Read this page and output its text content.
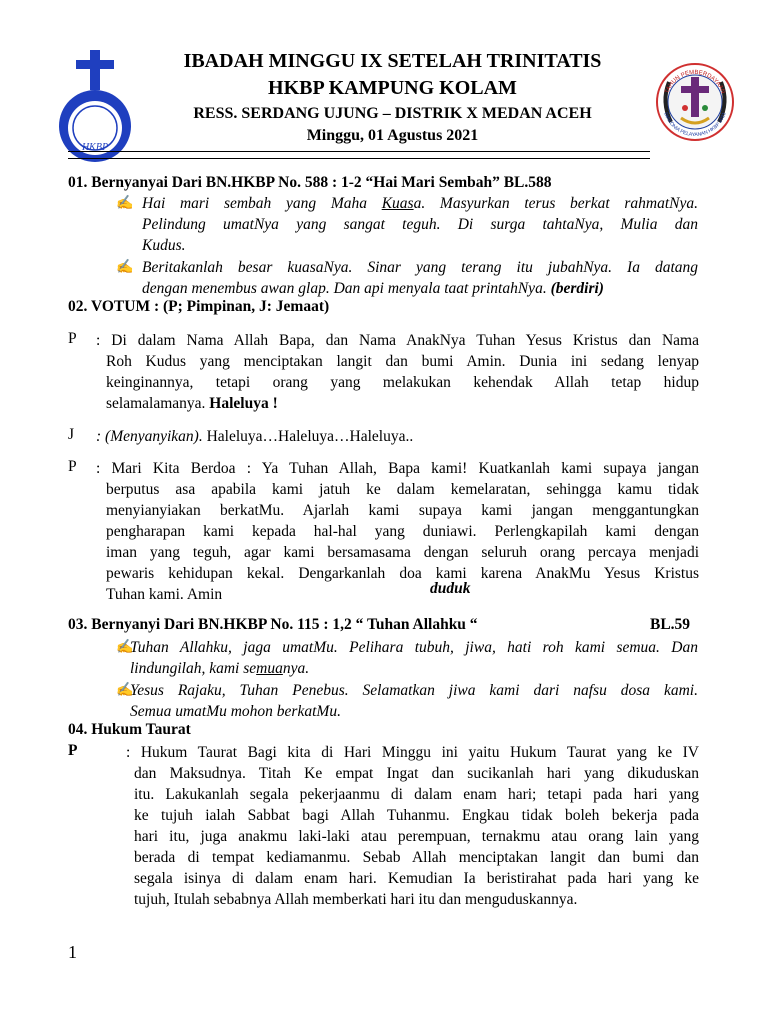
HKBP
TAHUN PEMBERDAYAAN
DIAKONIA PELAYANAN HKBP 2021
IBADAH MINGGU IX SETELAH TRINITATIS
HKBP KAMPUNG KOLAM
RESS. SERDANG UJUNG – DISTRIK X MEDAN ACEH
Minggu, 01 Agustus 2021
01. Bernyanyai Dari BN.HKBP No. 588 : 1-2 “Hai Mari Sembah” BL.588
✍ Hai mari sembah yang Maha Kuasa. Masyurkan terus berkat rahmatNya.
Pelindung umatNya yang sangat teguh. Di surga tahtaNya, Mulia dan
Kudus.
✍ Beritakanlah besar kuasaNya. Sinar yang terang itu jubahNya. Ia datang
dengan menembus awan glap. Dan api menyala taat printahNya. (berdiri)
02. VOTUM : (P; Pimpinan, J: Jemaat)
P : Di dalam Nama Allah Bapa, dan Nama AnakNya Tuhan Yesus Kristus dan Nama
Roh Kudus yang menciptakan langit dan bumi Amin. Dunia ini sedang lenyap
keinginannya, tetapi orang yang melakukan kehendak Allah tetap hidup
selamalamanya. Haleluya !
J : (Menyanyikan). Haleluya…Haleluya…Haleluya..
P : Mari Kita Berdoa : Ya Tuhan Allah, Bapa kami! Kuatkanlah kami supaya jangan
berputus asa apabila kami jatuh ke dalam kemelaratan, sehingga kamu tidak
menyianyiakan berkatMu. Ajarlah kami supaya kami jangan menggantungkan
pengharapan kami kepada hal-hal yang duniawi. Perlengkapilah kami dengan
iman yang teguh, agar kami bersamasama dengan seluruh orang percaya menjadi
pewaris kehidupan kekal. Dengarkanlah doa kami karena AnakMu Yesus Kristus
Tuhan kami. Amin	duduk
03. Bernyanyi Dari BN.HKBP No. 115 : 1,2 “ Tuhan Allahku “	BL.59
✍
Tuhan Allahku, jaga umatMu. Pelihara tubuh, jiwa, hati roh kami semua. Dan
lindungilah, kami semuanya.
✍
Yesus Rajaku, Tuhan Penebus. Selamatkan jiwa kami dari nafsu dosa kami.
Semua umatMu mohon berkatMu.
04. Hukum Taurat
P	: Hukum Taurat Bagi kita di Hari Minggu ini yaitu Hukum Taurat yang ke IV
dan Maksudnya. Titah Ke empat Ingat dan sucikanlah hari yang dikuduskan
itu. Lakukanlah segala pekerjaanmu di dalam enam hari; tetapi pada hari yang
ke tujuh ialah Sabbat bagi Allah Tuhanmu. Engkau tidak boleh bekerja pada
hari itu, juga anakmu laki-laki atau perempuan, ternakmu atau orang lain yang
berada di tempat kediamanmu. Sebab Allah menciptakan langit dan bumi dan
segala isinya di dalam enam hari. Kemudian Ia beristirahat pada hari yang ke
tujuh, Itulah sebabnya Allah memberkati hari itu dan menguduskannya.
1
